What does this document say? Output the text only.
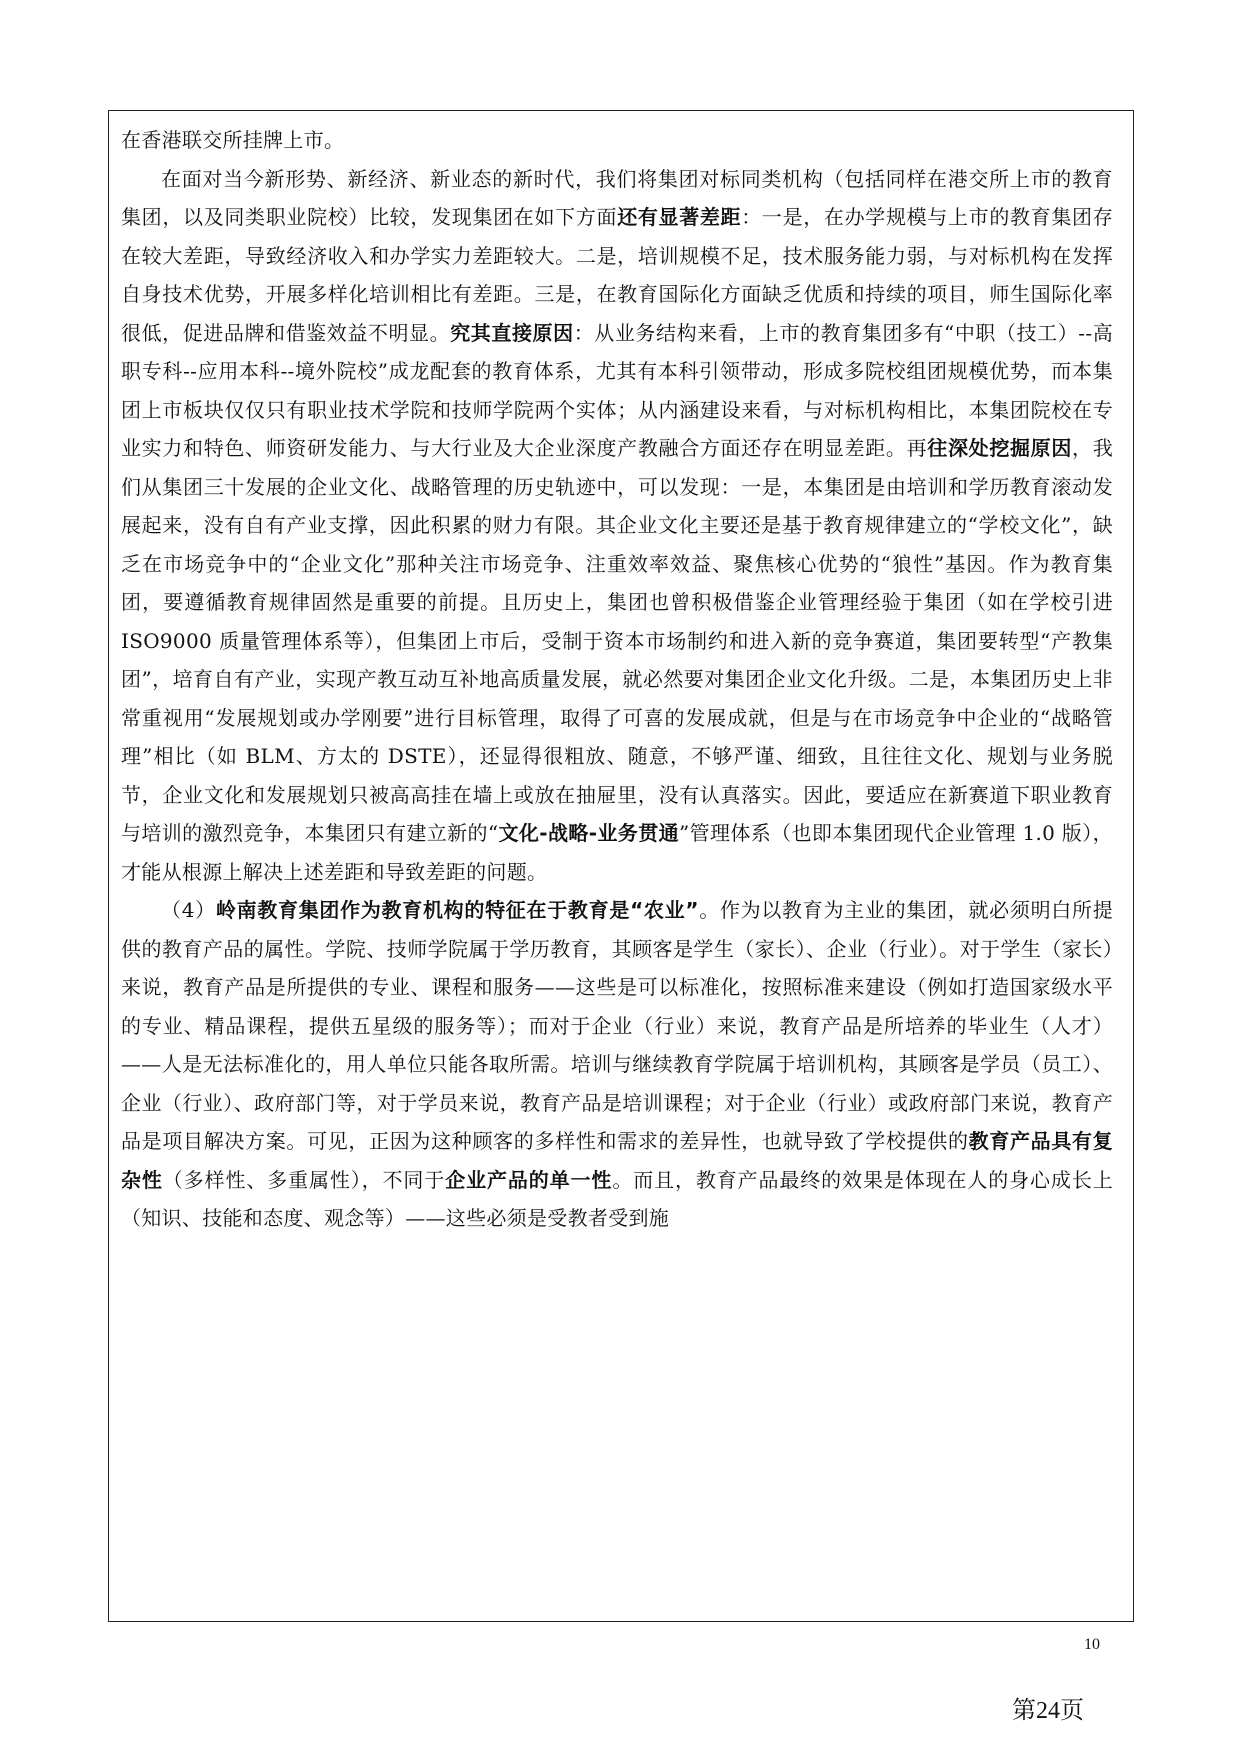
在香港联交所挂牌上市。

在面对当今新形势、新经济、新业态的新时代，我们将集团对标同类机构（包括同样在港交所上市的教育集团，以及同类职业院校）比较，发现集团在如下方面还有显著差距：一是，在办学规模与上市的教育集团存在较大差距，导致经济收入和办学实力差距较大。二是，培训规模不足，技术服务能力弱，与对标机构在发挥自身技术优势，开展多样化培训相比有差距。三是，在教育国际化方面缺乏优质和持续的项目，师生国际化率很低，促进品牌和借鉴效益不明显。究其直接原因：从业务结构来看，上市的教育集团多有“中职（技工）--高职专科--应用本科--境外院校”成龙配套的教育体系，尤其有本科引领带动，形成多院校组团规模优势，而本集团上市板块仅仅只有职业技术学院和技师学院两个实体；从内涵建设来看，与对标机构相比，本集团院校在专业实力和特色、师资研发能力、与大行业及大企业深度产教融合方面还存在明显差距。再往深处挖掘原因，我们从集团三十发展的企业文化、战略管理的历史轨迹中，可以发现：一是，本集团是由培训和学历教育滚动发展起来，没有自有产业支撑，因此积累的财力有限。其企业文化主要还是基于教育规律建立的“学校文化”，缺乏在市场竞争中的“企业文化”那种关注市场竞争、注重效率效益、聚焦核心优势的“狼性”基因。作为教育集团，要遵循教育规律固然是重要的前提。且历史上，集团也曾积极借鉴企业管理经验于集团（如在学校引进 ISO9000 质量管理体系等），但集团上市后，受制于资本市场制约和进入新的竞争赛道，集团要转型“产教集团”，培育自有产业，实现产教互动互补地高质量发展，就必然要对集团企业文化升级。二是，本集团历史上非常重视用“发展规划或办学刚要”进行目标管理，取得了可喜的发展成就，但是与在市场竞争中企业的“战略管理”相比（如 BLM、方太的 DSTE），还显得很粗放、随意，不够严谨、细致，且往往文化、规划与业务脱节，企业文化和发展规划只被高高挂在墙上或放在抽屉里，没有认真落实。因此，要适应在新赛道下职业教育与培训的激烈竞争，本集团只有建立新的“文化-战略-业务贯通”管理体系（也即本集团现代企业管理 1.0 版），才能从根源上解决上述差距和导致差距的问题。

（4）岭南教育集团作为教育机构的特征在于教育是“农业”。作为以教育为主业的集团，就必须明白所提供的教育产品的属性。学院、技师学院属于学历教育，其顾客是学生（家长）、企业（行业）。对于学生（家长）来说，教育产品是所提供的专业、课程和服务——这些是可以标准化，按照标准来建设（例如打造国家级水平的专业、精品课程，提供五星级的服务等）；而对于企业（行业）来说，教育产品是所培养的毕业生（人才）——人是无法标准化的，用人单位只能各取所需。培训与继续教育学院属于培训机构，其顾客是学员（员工）、企业（行业）、政府部门等，对于学员来说，教育产品是培训课程；对于企业（行业）或政府部门来说，教育产品是项目解决方案。可见，正因为这种顾客的多样性和需求的差异性，也就导致了学校提供的教育产品具有复杂性（多样性、多重属性），不同于企业产品的单一性。而且，教育产品最终的效果是体现在人的身心成长上（知识、技能和态度、观念等）——这些必须是受教者受到施

10
第24页
